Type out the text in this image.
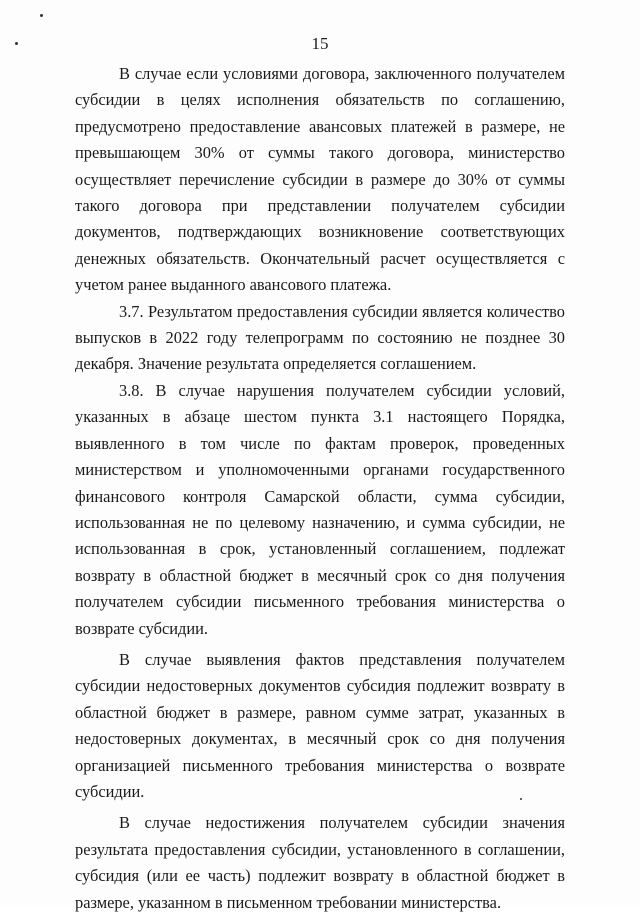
15

В случае если условиями договора, заключенного получателем субсидии в целях исполнения обязательств по соглашению, предусмотрено предоставление авансовых платежей в размере, не превышающем 30% от суммы такого договора, министерство осуществляет перечисление субсидии в размере до 30% от суммы такого договора при представлении получателем субсидии документов, подтверждающих возникновение соответствующих денежных обязательств. Окончательный расчет осуществляется с учетом ранее выданного авансового платежа.

3.7. Результатом предоставления субсидии является количество выпусков в 2022 году телепрограмм по состоянию не позднее 30 декабря. Значение результата определяется соглашением.

3.8. В случае нарушения получателем субсидии условий, указанных в абзаце шестом пункта 3.1 настоящего Порядка, выявленного в том числе по фактам проверок, проведенных министерством и уполномоченными органами государственного финансового контроля Самарской области, сумма субсидии, использованная не по целевому назначению, и сумма субсидии, не использованная в срок, установленный соглашением, подлежат возврату в областной бюджет в месячный срок со дня получения получателем субсидии письменного требования министерства о возврате субсидии.

В случае выявления фактов представления получателем субсидии недостоверных документов субсидия подлежит возврату в областной бюджет в размере, равном сумме затрат, указанных в недостоверных документах, в месячный срок со дня получения организацией письменного требования министерства о возврате субсидии.

В случае недостижения получателем субсидии значения результата предоставления субсидии, установленного в соглашении, субсидия (или ее часть) подлежит возврату в областной бюджет в размере, указанном в письменном требовании министерства.
